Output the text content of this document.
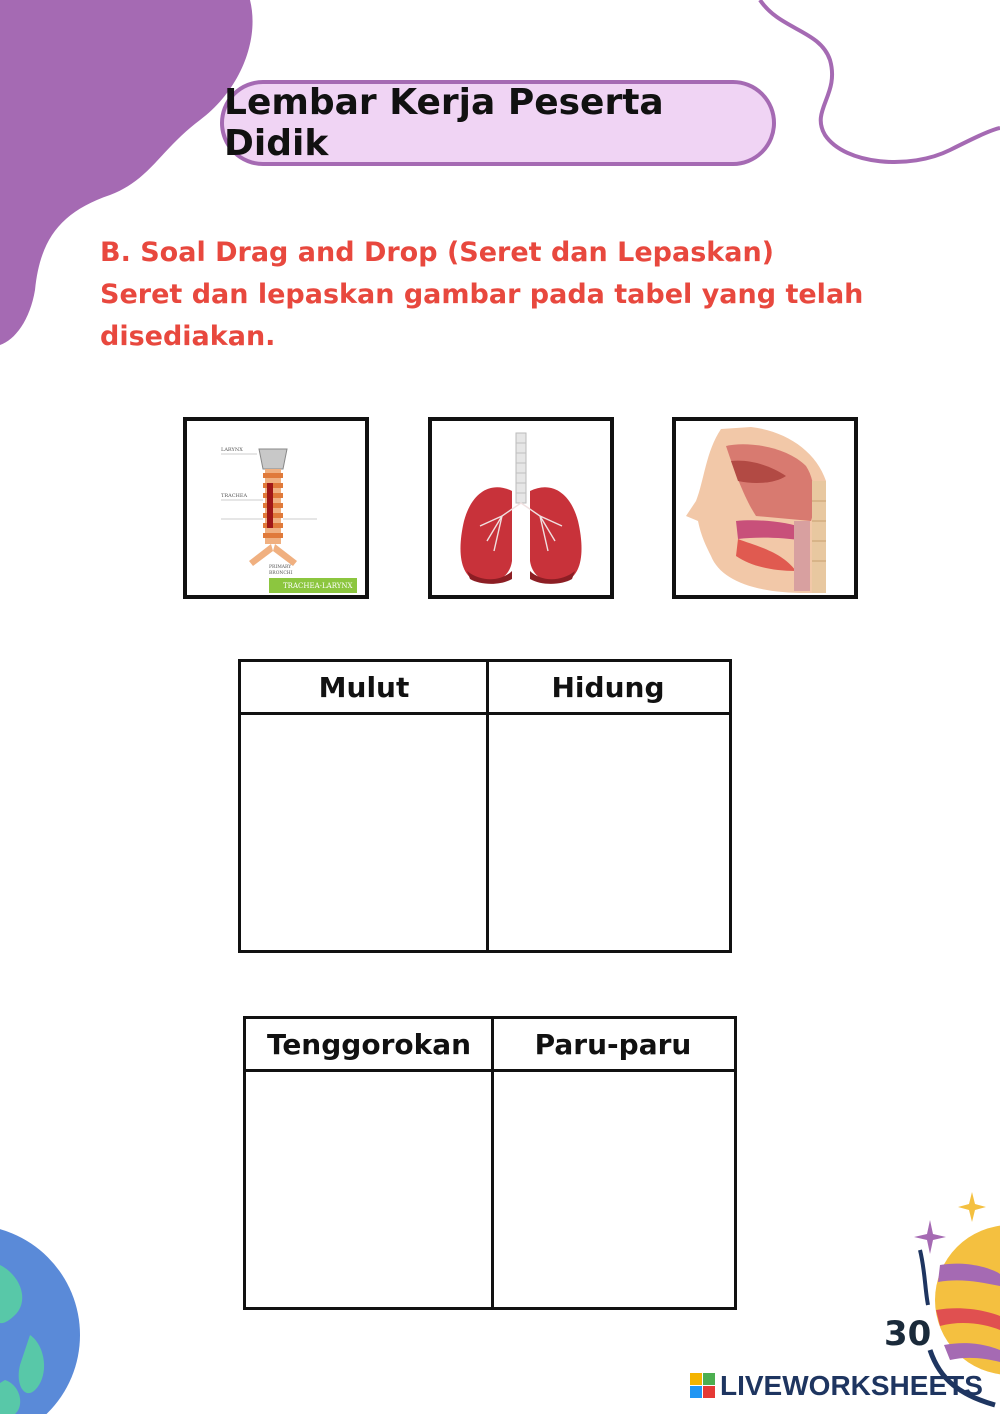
Lembar Kerja Peserta Didik
B. Soal Drag and Drop (Seret dan Lepaskan)
Seret dan lepaskan gambar pada tabel yang telah
disediakan.
LARYNX
TRACHEA
PRIMARY
BRONCHI
TRACHEA-LARYNX
Mulut	Hidung
Tenggorokan	Paru-paru
30
LIVEWORKSHEETS
